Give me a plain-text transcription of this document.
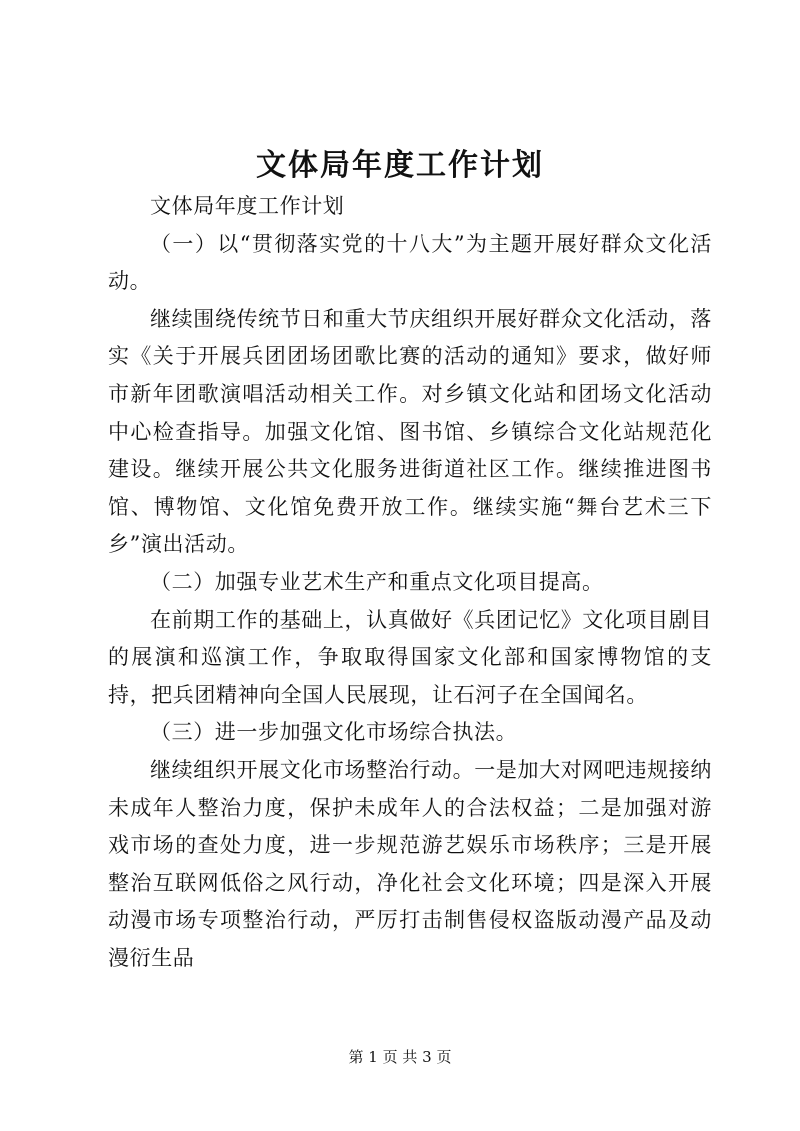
文体局年度工作计划

文体局年度工作计划

（一）以“贯彻落实党的十八大”为主题开展好群众文化活动。

继续围绕传统节日和重大节庆组织开展好群众文化活动，落实《关于开展兵团团场团歌比赛的活动的通知》要求，做好师市新年团歌演唱活动相关工作。对乡镇文化站和团场文化活动中心检查指导。加强文化馆、图书馆、乡镇综合文化站规范化建设。继续开展公共文化服务进街道社区工作。继续推进图书馆、博物馆、文化馆免费开放工作。继续实施“舞台艺术三下乡”演出活动。

（二）加强专业艺术生产和重点文化项目提高。

在前期工作的基础上，认真做好《兵团记忆》文化项目剧目的展演和巡演工作，争取取得国家文化部和国家博物馆的支持，把兵团精神向全国人民展现，让石河子在全国闻名。

（三）进一步加强文化市场综合执法。

继续组织开展文化市场整治行动。一是加大对网吧违规接纳未成年人整治力度，保护未成年人的合法权益；二是加强对游戏市场的查处力度，进一步规范游艺娱乐市场秩序；三是开展整治互联网低俗之风行动，净化社会文化环境；四是深入开展动漫市场专项整治行动，严厉打击制售侵权盗版动漫产品及动漫衍生品

第 1 页 共 3 页
